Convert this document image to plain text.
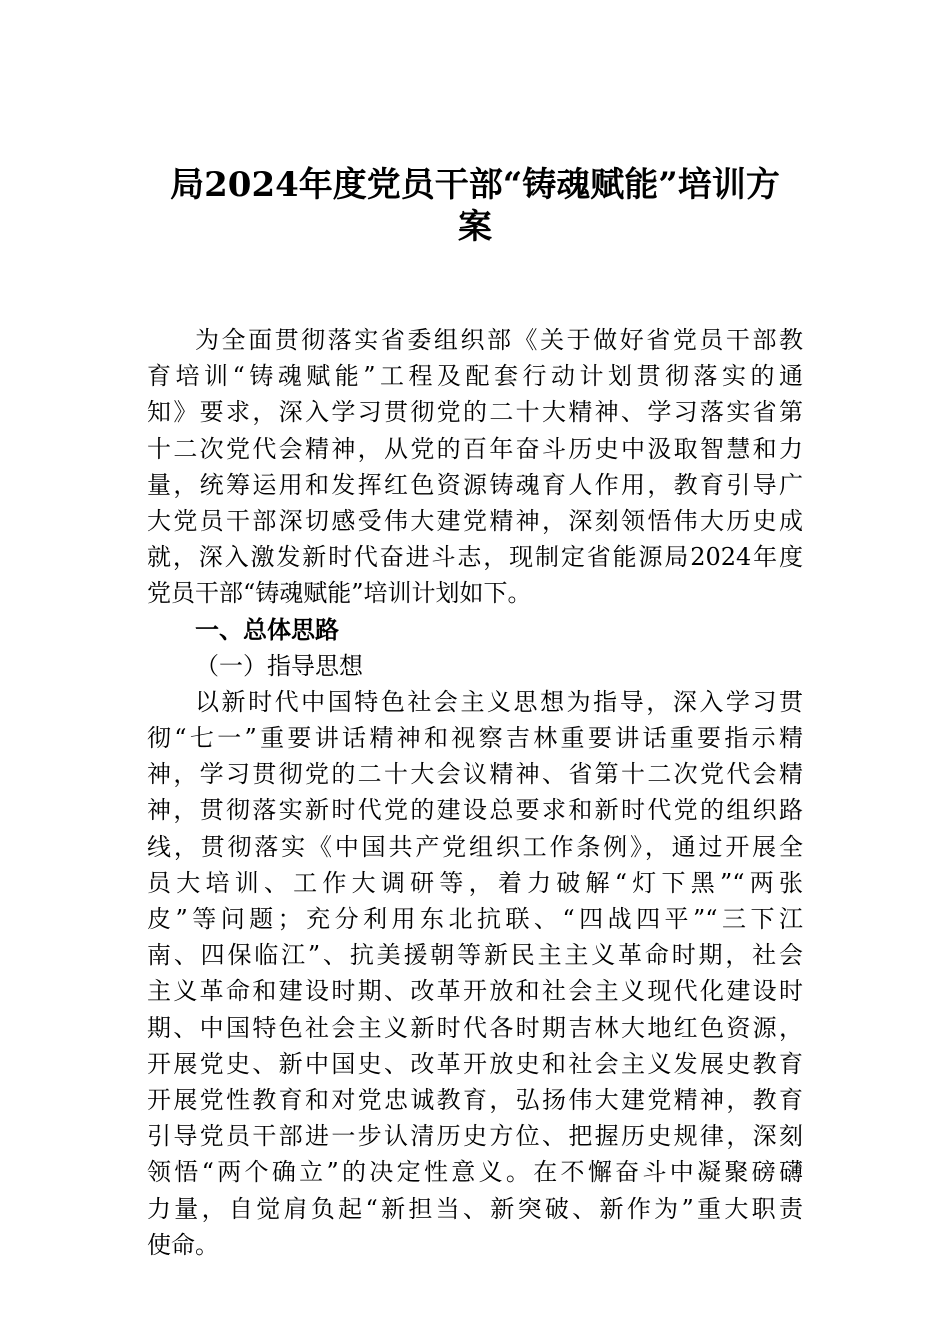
局2024年度党员干部“铸魂赋能”培训方
案
为全面贯彻落实省委组织部《关于做好省党员干部教
育培训“铸魂赋能”工程及配套行动计划贯彻落实的通
知》要求，深入学习贯彻党的二十大精神、学习落实省第
十二次党代会精神，从党的百年奋斗历史中汲取智慧和力
量，统筹运用和发挥红色资源铸魂育人作用，教育引导广
大党员干部深切感受伟大建党精神，深刻领悟伟大历史成
就，深入激发新时代奋进斗志，现制定省能源局2024年度
党员干部“铸魂赋能”培训计划如下。
一、总体思路
（一）指导思想
以新时代中国特色社会主义思想为指导，深入学习贯
彻“七一”重要讲话精神和视察吉林重要讲话重要指示精
神，学习贯彻党的二十大会议精神、省第十二次党代会精
神，贯彻落实新时代党的建设总要求和新时代党的组织路
线，贯彻落实《中国共产党组织工作条例》，通过开展全
员大培训、工作大调研等，着力破解“灯下黑”“两张
皮”等问题；充分利用东北抗联、“四战四平”“三下江
南、四保临江”、抗美援朝等新民主主义革命时期，社会
主义革命和建设时期、改革开放和社会主义现代化建设时
期、中国特色社会主义新时代各时期吉林大地红色资源，
开展党史、新中国史、改革开放史和社会主义发展史教育
开展党性教育和对党忠诚教育，弘扬伟大建党精神，教育
引导党员干部进一步认清历史方位、把握历史规律，深刻
领悟“两个确立”的决定性意义。在不懈奋斗中凝聚磅礴
力量，自觉肩负起“新担当、新突破、新作为”重大职责
使命。
